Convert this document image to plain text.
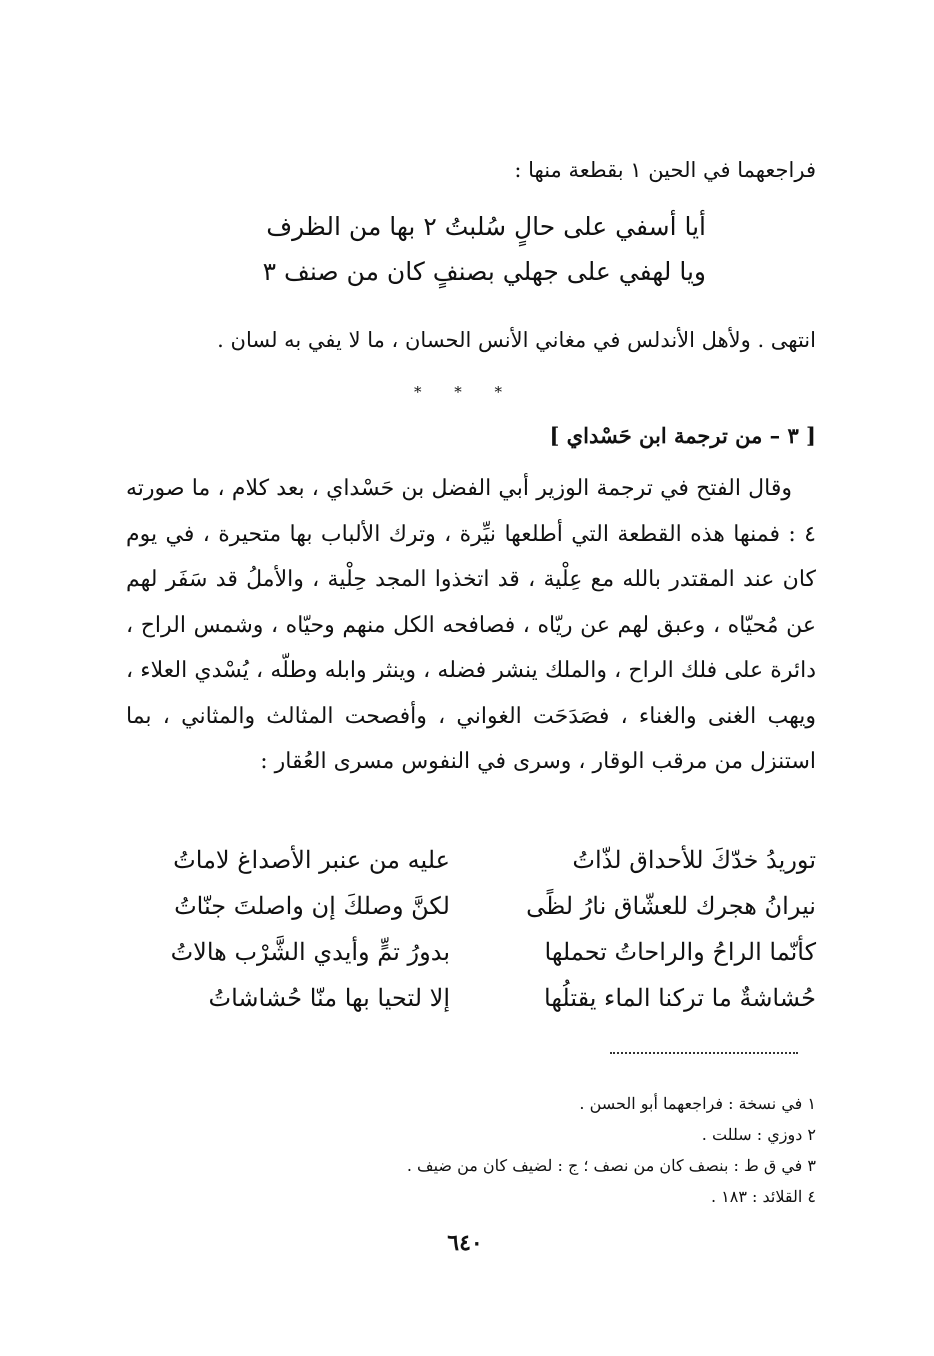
فراجعهما في الحين ١ بقطعة منها :
أيا أسفي على حالٍ سُلبتُ ٢ بها من الظرف
ويا لهفي على جهلي بصنفٍ كان من صنف ٣
انتهى . ولأهل الأندلس في مغاني الأنس الحسان ، ما لا يفي به لسان .
* * *
[ ٣ – من ترجمة ابن حَسْداي ]
وقال الفتح في ترجمة الوزير أبي الفضل بن حَسْداي ، بعد كلام ، ما صورته ٤ : فمنها هذه القطعة التي أطلعها نيِّرة ، وترك الألباب بها متحيرة ، في يوم كان عند المقتدر بالله مع عِلْية ، قد اتخذوا المجد حِلْية ، والأملُ قد سَفَر لهم عن مُحيّاه ، وعبق لهم عن ريّاه ، فصافحه الكل منهم وحيّاه ، وشمس الراح ، دائرة على فلك الراح ، والملك ينشر فضله ، وينثر وابله وطلّه ، يُسْدي العلاء ، ويهب الغنى والغناء ، فصَدَحَت الغواني ، وأفصحت المثالث والمثاني ، بما استنزل من مرقب الوقار ، وسرى في النفوس مسرى العُقار :
توريدُ خدّكَ للأحداق لذّاتُ
عليه من عنبر الأصداغ لاماتُ
نيرانُ هجرك للعشّاق نارُ لظًى
لكنَّ وصلكَ إن واصلتَ جنّاتُ
كأنّما الراحُ والراحاتُ تحملها
بدورُ تمٍّ وأيدي الشَّرْب هالاتُ
حُشاشةٌ ما تركنا الماء يقتلُها
إلا لتحيا بها منّا حُشاشاتُ
١ في نسخة : فراجعهما أبو الحسن .
٢ دوزي : سللت .
٣ في ق ط : بنصف كان من نصف ؛ ج : لضيف كان من ضيف .
٤ القلائد : ١٨٣ .
٦٤٠
